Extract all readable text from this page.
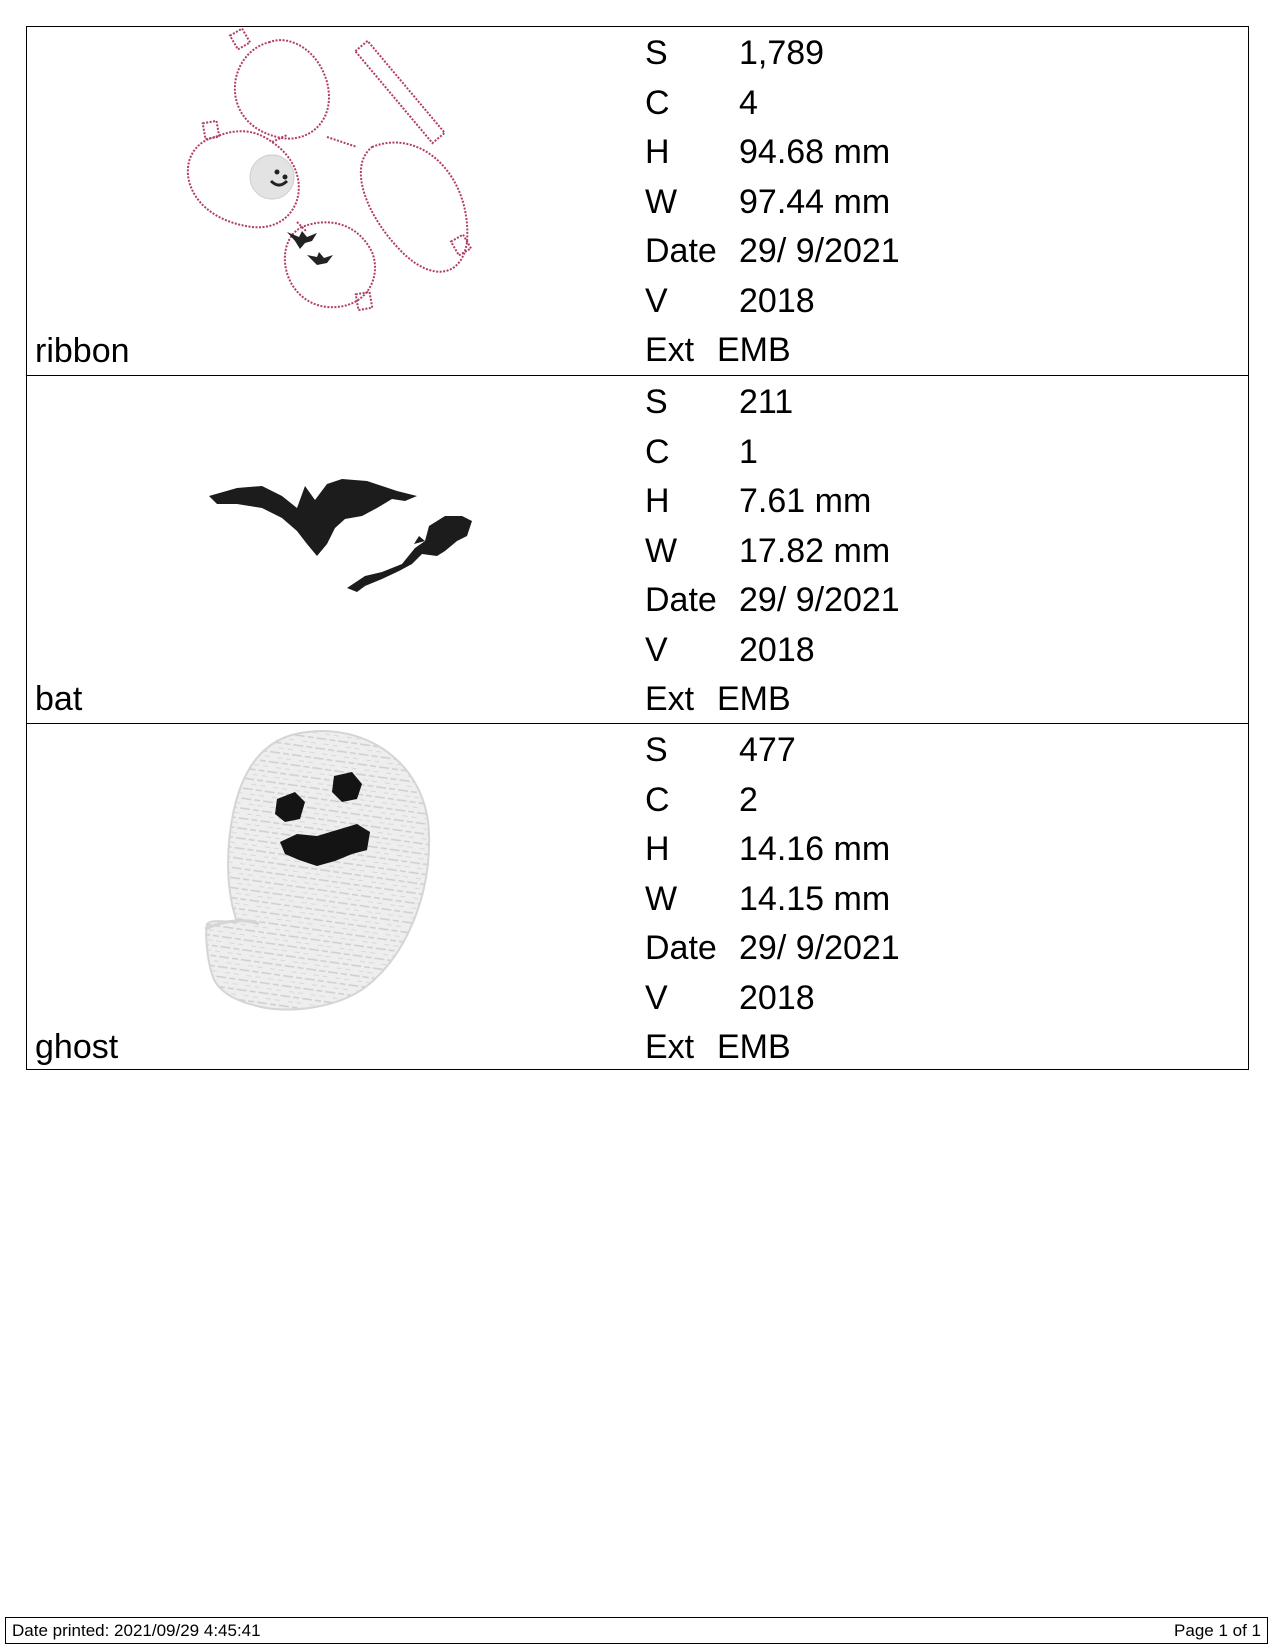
ribbon
S 1,789
C 4
H 94.68 mm
W 97.44 mm
Date 29/ 9/2021
V 2018
Ext EMB
bat
S 211
C 1
H 7.61 mm
W 17.82 mm
Date 29/ 9/2021
V 2018
Ext EMB
ghost
S 477
C 2
H 14.16 mm
W 14.15 mm
Date 29/ 9/2021
V 2018
Ext EMB
Date printed: 2021/09/29 4:45:41	Page 1 of 1
